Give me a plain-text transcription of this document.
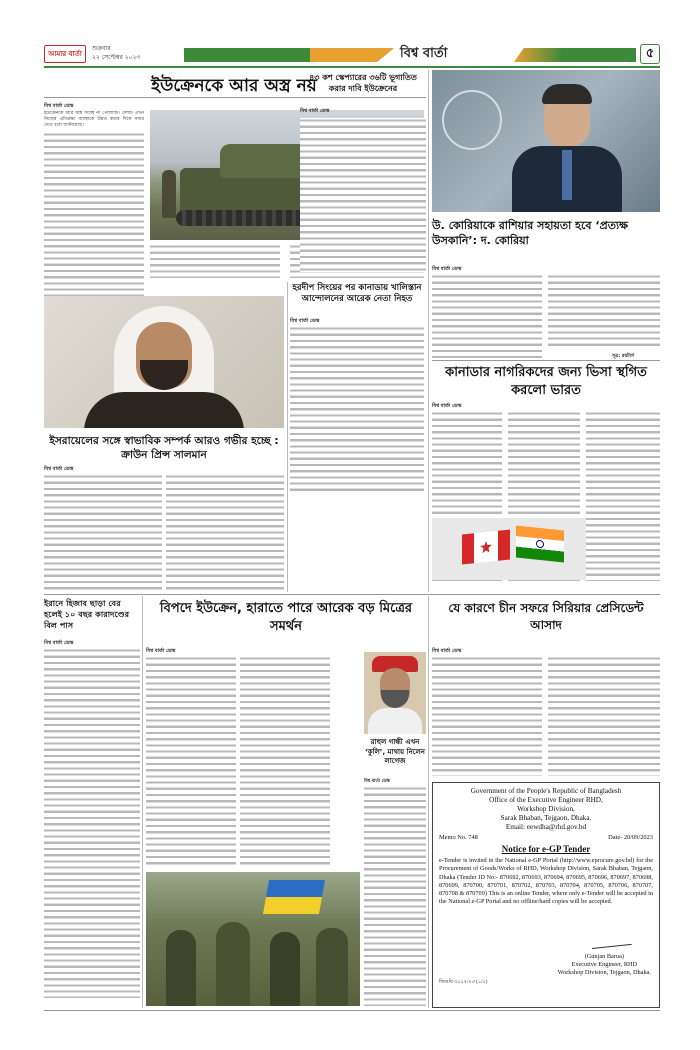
আমার বার্তা
শুক্রবার
২২ সেপ্টেম্বর ২০২৩	বিশ্ব বার্তা	৫
ইউক্রেনকে আর অস্ত্র নয়
বিশ্ব বার্তা ডেস্ক
ইউক্রেনকে আর অস্ত্র দিচ্ছে না পোল্যান্ড। দেশটি এখন নিজের প্রতিরক্ষা ব্যবস্থাকে উন্নত করার দিকে নজর দেবে বলে জানিয়েছে।
হরদীপ সিংয়ের পর কানাডায় খালিস্তান আন্দোলনের আরেক নেতা নিহত
বিশ্ব বার্তা ডেস্ক
ইসরায়েলের সঙ্গে স্বাভাবিক সম্পর্ক আরও গভীর হচ্ছে : ক্রাউন প্রিন্স সালমান
বিশ্ব বার্তা ডেস্ক
৪৩ কশ স্কেপ্যারের ৩৬টি ভূগাতিত করার দাবি ইউক্রেনের
বিশ্ব বার্তা ডেস্ক
উ. কোরিয়াকে রাশিয়ার সহায়তা হবে ‘প্রত্যক্ষ উসকানি’: দ. কোরিয়া
বিশ্ব বার্তা ডেস্ক
সূত্র: রয়টার্স
কানাডার নাগরিকদের জন্য ভিসা স্থগিত করলো ভারত
বিশ্ব বার্তা ডেস্ক
ইরানে হিজাব ছাড়া বের হলেই ১০ বছর কারাদণ্ডের বিল পাস
বিশ্ব বার্তা ডেস্ক
বিপদে ইউক্রেন, হারাতে পারে আরেক বড় মিত্রের সমর্থন
বিশ্ব বার্তা ডেস্ক
রাহুল গান্ধী এখন ‘কুলি’, মাথায় নিলেন লাগেজ
বিশ্ব বার্তা ডেস্ক
যে কারণে চীন সফরে সিরিয়ার প্রেসিডেন্ট আসাদ
বিশ্ব বার্তা ডেস্ক
Government of the People's Republic of Bangladesh
Office of the Executive Engineer RHD,
Workshop Division,
Sarak Bhaban, Tejgaon, Dhaka.
Email: eewdha@rhd.gov.bd
Memo No. 748	Date- 20/09/2023
Notice for e-GP Tender
e-Tender is invited in the National e-GP Portal (http://www.eprocure.gov.bd) for the Procurement of Goods/Works of RHD, Workshop Division, Sarak Bhaban, Tejgaon, Dhaka (Tender ID No:- 870692, 870693, 870694, 870695, 870696, 870697, 870698, 870699, 870700, 870701, 870702, 870703, 870704, 870705, 870706, 870707, 870708 & 870709) This is an online Tender, where only e-Tender will be accepted in the National e-GP Portal and no offline/hard copies will be accepted.
জিওবি ৩০১৭/২৩ (১/২)
(Gunjan Barua)
Executive Engineer, RHD
Workshop Division, Tejgaon, Dhaka.
